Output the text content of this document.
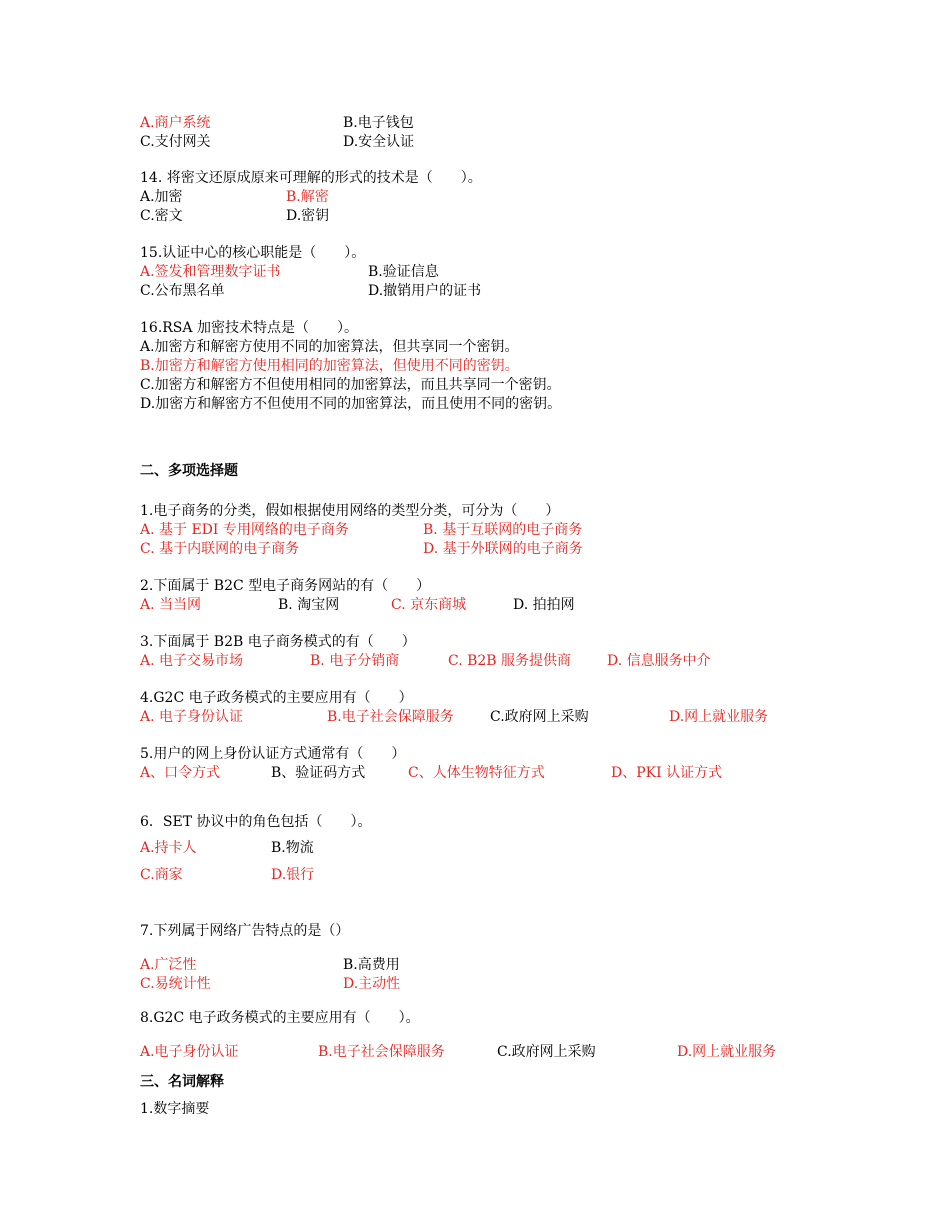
A.商户系统	B.电子钱包
C.支付网关	D.安全认证
14. 将密文还原成原来可理解的形式的技术是（　　）。
A.加密	B.解密
C.密文	D.密钥
15.认证中心的核心职能是（　　）。
A.签发和管理数字证书	B.验证信息
C.公布黑名单	D.撤销用户的证书
16.RSA 加密技术特点是（　　）。
A.加密方和解密方使用不同的加密算法，但共享同一个密钥。
B.加密方和解密方使用相同的加密算法，但使用不同的密钥。
C.加密方和解密方不但使用相同的加密算法，而且共享同一个密钥。
D.加密方和解密方不但使用不同的加密算法，而且使用不同的密钥。
二、多项选择题
1.电子商务的分类，假如根据使用网络的类型分类，可分为（　　）
A. 基于 EDI 专用网络的电子商务	B. 基于互联网的电子商务
C. 基于内联网的电子商务	D. 基于外联网的电子商务
2.下面属于 B2C 型电子商务网站的有（　　）
A. 当当网	B. 淘宝网	C. 京东商城	D. 拍拍网
3.下面属于 B2B 电子商务模式的有（　　）
A. 电子交易市场	B. 电子分销商	C. B2B 服务提供商	D. 信息服务中介
4.G2C 电子政务模式的主要应用有（　　）
A. 电子身份认证	B.电子社会保障服务	C.政府网上采购	D.网上就业服务
5.用户的网上身份认证方式通常有（　　）
A、口令方式	B、验证码方式	C、人体生物特征方式	D、PKI 认证方式
6．SET 协议中的角色包括（　　）。
A.持卡人	B.物流
C.商家	D.银行
7.下列属于网络广告特点的是（）
A.广泛性	B.高费用
C.易统计性	D.主动性
8.G2C 电子政务模式的主要应用有（　　）。
A.电子身份认证	B.电子社会保障服务	C.政府网上采购	D.网上就业服务
三、名词解释
1.数字摘要
